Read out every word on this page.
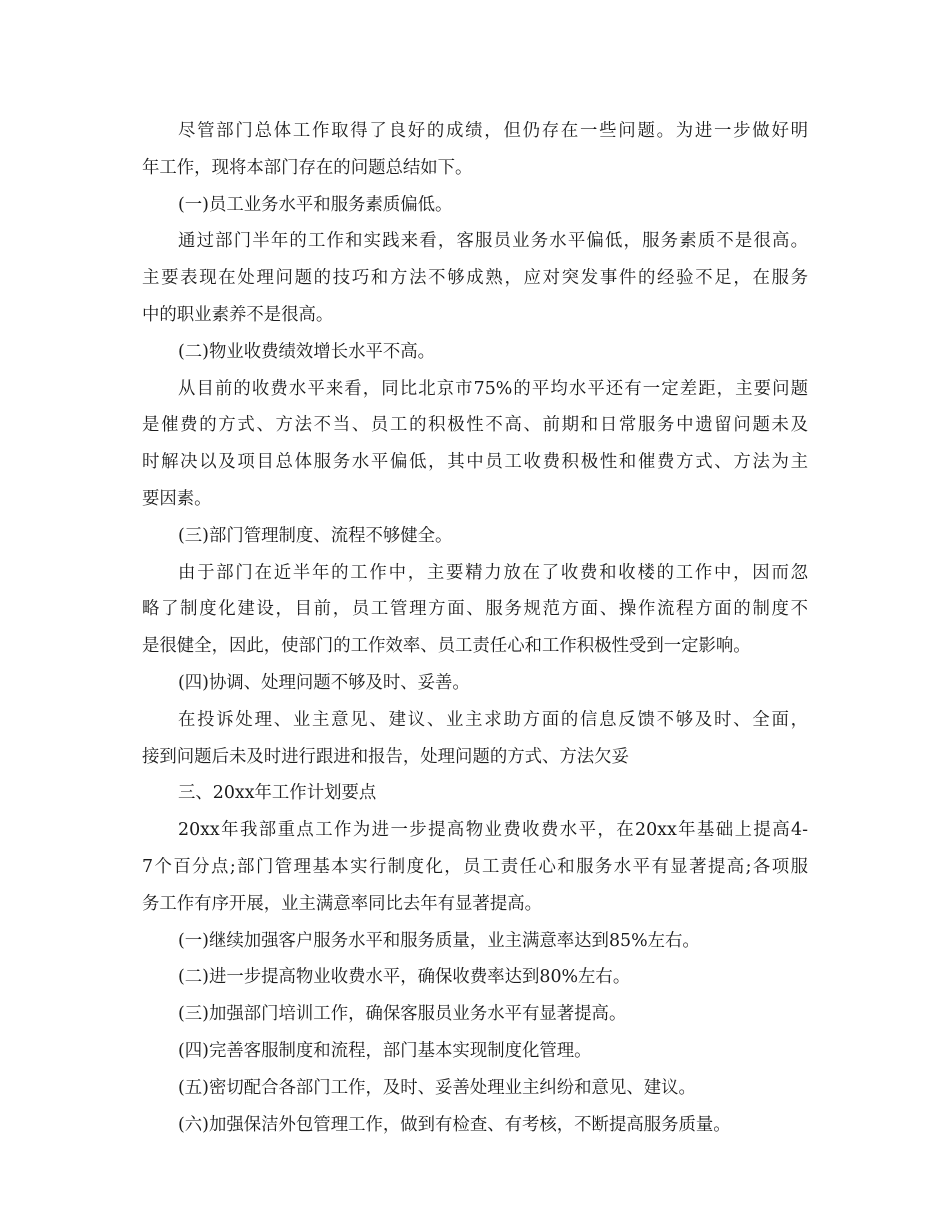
尽管部门总体工作取得了良好的成绩，但仍存在一些问题。为进一步做好明
年工作，现将本部门存在的问题总结如下。
(一)员工业务水平和服务素质偏低。
通过部门半年的工作和实践来看，客服员业务水平偏低，服务素质不是很高。
主要表现在处理问题的技巧和方法不够成熟，应对突发事件的经验不足，在服务
中的职业素养不是很高。
(二)物业收费绩效增长水平不高。
从目前的收费水平来看，同比北京市75%的平均水平还有一定差距，主要问题
是催费的方式、方法不当、员工的积极性不高、前期和日常服务中遗留问题未及
时解决以及项目总体服务水平偏低，其中员工收费积极性和催费方式、方法为主
要因素。
(三)部门管理制度、流程不够健全。
由于部门在近半年的工作中，主要精力放在了收费和收楼的工作中，因而忽
略了制度化建设，目前，员工管理方面、服务规范方面、操作流程方面的制度不
是很健全，因此，使部门的工作效率、员工责任心和工作积极性受到一定影响。
(四)协调、处理问题不够及时、妥善。
在投诉处理、业主意见、建议、业主求助方面的信息反馈不够及时、全面，
接到问题后未及时进行跟进和报告，处理问题的方式、方法欠妥
三、20xx年工作计划要点
20xx年我部重点工作为进一步提高物业费收费水平，在20xx年基础上提高4-
7个百分点;部门管理基本实行制度化，员工责任心和服务水平有显著提高;各项服
务工作有序开展，业主满意率同比去年有显著提高。
(一)继续加强客户服务水平和服务质量，业主满意率达到85%左右。
(二)进一步提高物业收费水平，确保收费率达到80%左右。
(三)加强部门培训工作，确保客服员业务水平有显著提高。
(四)完善客服制度和流程，部门基本实现制度化管理。
(五)密切配合各部门工作，及时、妥善处理业主纠纷和意见、建议。
(六)加强保洁外包管理工作，做到有检查、有考核，不断提高服务质量。
